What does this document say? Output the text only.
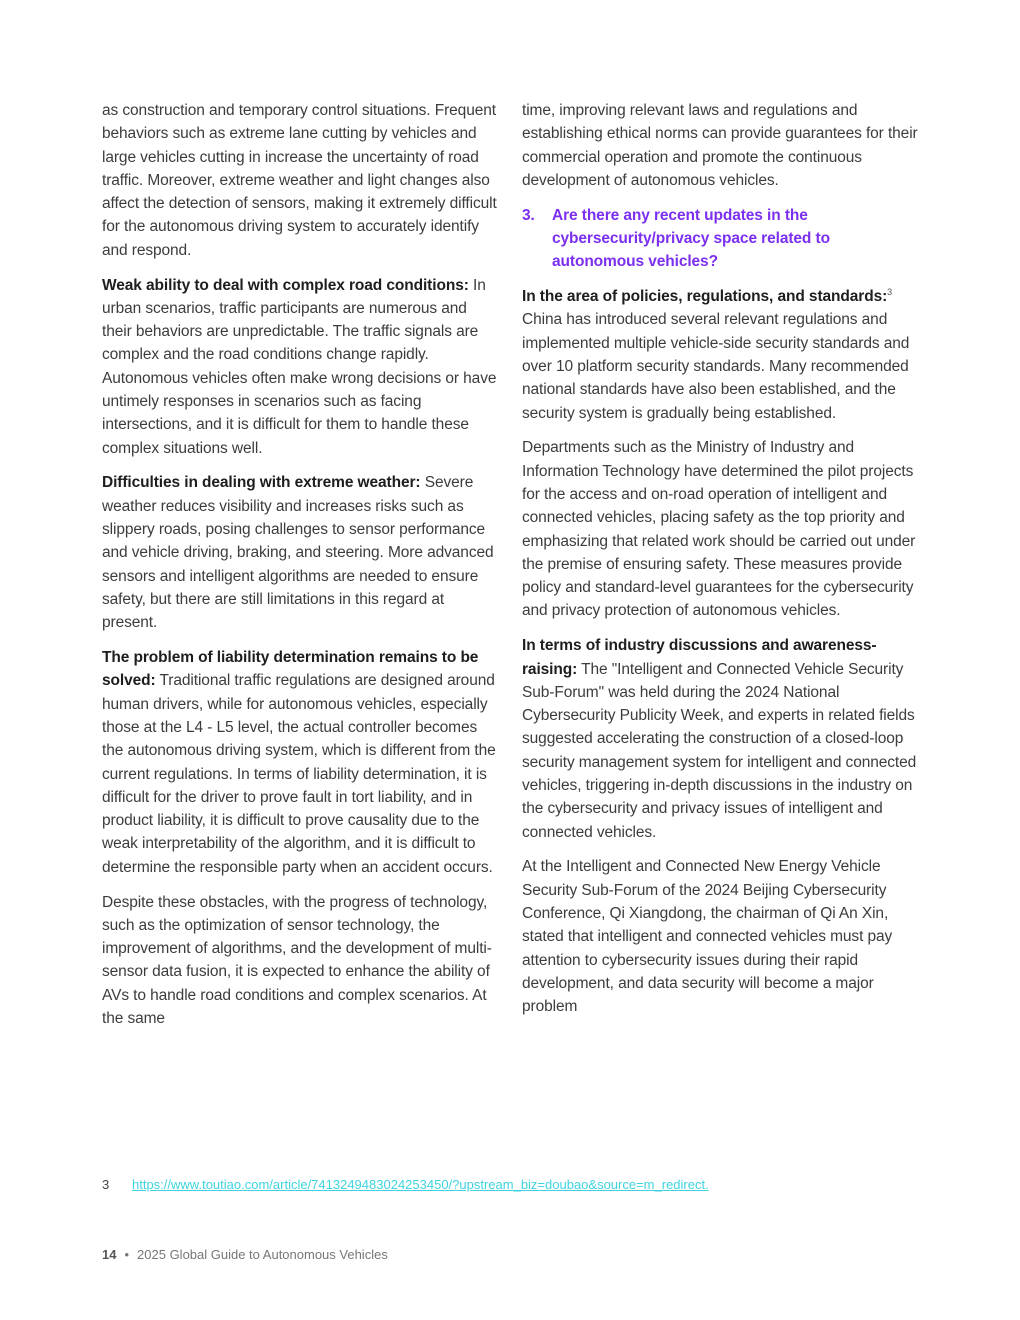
as construction and temporary control situations. Frequent behaviors such as extreme lane cutting by vehicles and large vehicles cutting in increase the uncertainty of road traffic. Moreover, extreme weather and light changes also affect the detection of sensors, making it extremely difficult for the autonomous driving system to accurately identify and respond.

Weak ability to deal with complex road conditions: In urban scenarios, traffic participants are numerous and their behaviors are unpredictable. The traffic signals are complex and the road conditions change rapidly. Autonomous vehicles often make wrong decisions or have untimely responses in scenarios such as facing intersections, and it is difficult for them to handle these complex situations well.

Difficulties in dealing with extreme weather: Severe weather reduces visibility and increases risks such as slippery roads, posing challenges to sensor performance and vehicle driving, braking, and steering. More advanced sensors and intelligent algorithms are needed to ensure safety, but there are still limitations in this regard at present.

The problem of liability determination remains to be solved: Traditional traffic regulations are designed around human drivers, while for autonomous vehicles, especially those at the L4 - L5 level, the actual controller becomes the autonomous driving system, which is different from the current regulations. In terms of liability determination, it is difficult for the driver to prove fault in tort liability, and in product liability, it is difficult to prove causality due to the weak interpretability of the algorithm, and it is difficult to determine the responsible party when an accident occurs.

Despite these obstacles, with the progress of technology, such as the optimization of sensor technology, the improvement of algorithms, and the development of multi-sensor data fusion, it is expected to enhance the ability of AVs to handle road conditions and complex scenarios. At the same

time, improving relevant laws and regulations and establishing ethical norms can provide guarantees for their commercial operation and promote the continuous development of autonomous vehicles.

3.	Are there any recent updates in the cybersecurity/privacy space related to autonomous vehicles?

In the area of policies, regulations, and standards:$^3$ China has introduced several relevant regulations and implemented multiple vehicle-side security standards and over 10 platform security standards. Many recommended national standards have also been established, and the security system is gradually being established.

Departments such as the Ministry of Industry and Information Technology have determined the pilot projects for the access and on-road operation of intelligent and connected vehicles, placing safety as the top priority and emphasizing that related work should be carried out under the premise of ensuring safety. These measures provide policy and standard-level guarantees for the cybersecurity and privacy protection of autonomous vehicles.

In terms of industry discussions and awareness-raising: The "Intelligent and Connected Vehicle Security Sub-Forum" was held during the 2024 National Cybersecurity Publicity Week, and experts in related fields suggested accelerating the construction of a closed-loop security management system for intelligent and connected vehicles, triggering in-depth discussions in the industry on the cybersecurity and privacy issues of intelligent and connected vehicles.

At the Intelligent and Connected New Energy Vehicle Security Sub-Forum of the 2024 Beijing Cybersecurity Conference, Qi Xiangdong, the chairman of Qi An Xin, stated that intelligent and connected vehicles must pay attention to cybersecurity issues during their rapid development, and data security will become a major problem

3 https://www.toutiao.com/article/7413249483024253450/?upstream_biz=doubao&source=m_redirect.
14 • 2025 Global Guide to Autonomous Vehicles
